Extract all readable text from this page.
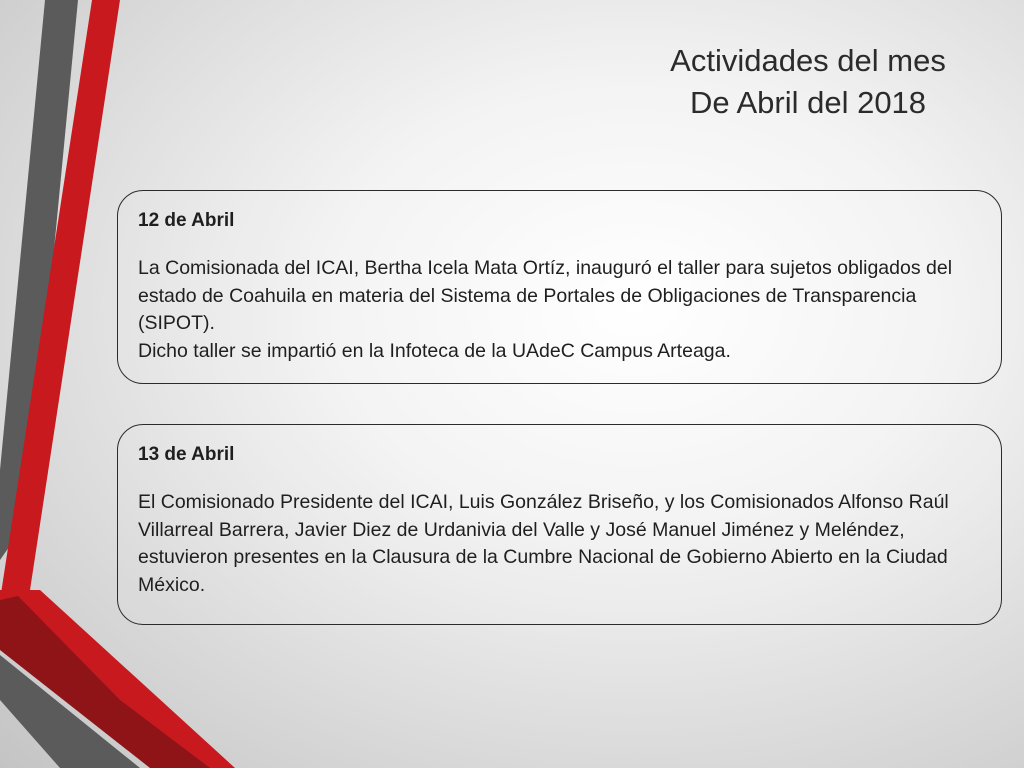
Actividades del mes
De Abril del 2018
12 de Abril
La Comisionada del ICAI, Bertha Icela Mata Ortíz, inauguró el taller para sujetos obligados del estado de Coahuila en materia del Sistema de Portales de Obligaciones de Transparencia (SIPOT).
Dicho taller se impartió en la Infoteca de la UAdeC Campus Arteaga.
13 de Abril
El Comisionado Presidente del ICAI, Luis González Briseño, y los Comisionados Alfonso Raúl Villarreal Barrera, Javier Diez de Urdanivia del Valle y José Manuel Jiménez y Meléndez, estuvieron presentes en la Clausura de la Cumbre Nacional de Gobierno Abierto en la Ciudad México.
